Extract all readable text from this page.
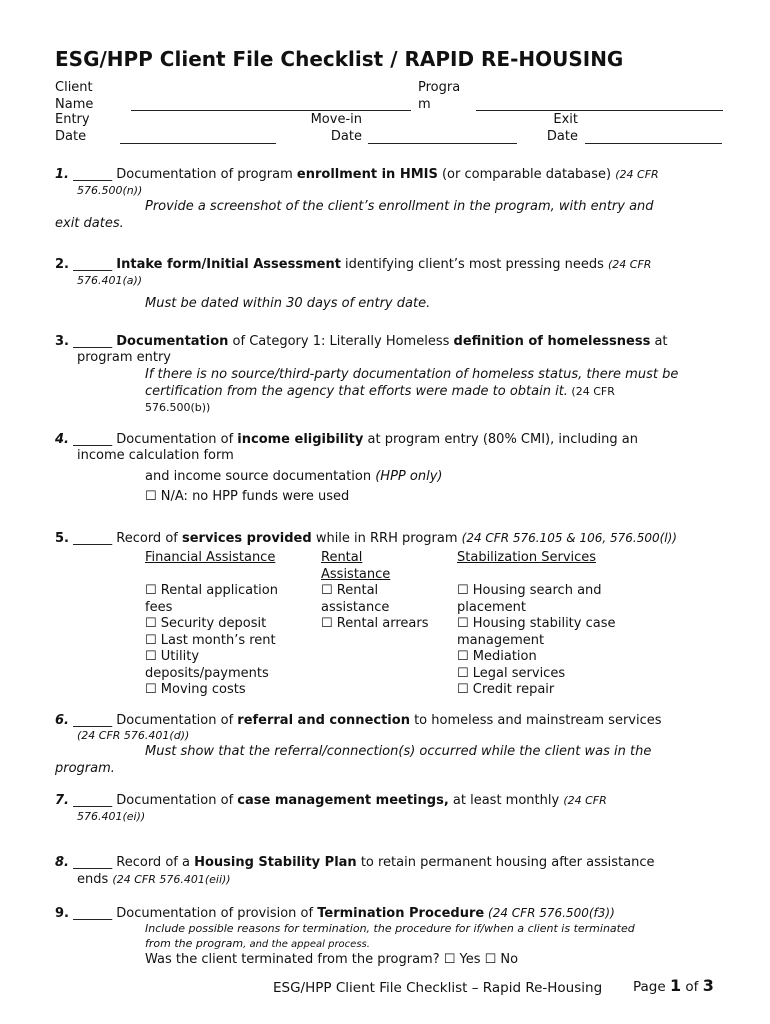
ESG/HPP Client File Checklist / RAPID RE-HOUSING
Client
Name
Progra
m
Entry
Date
Move-in
Date
Exit
Date
1. ______ Documentation of program enrollment in HMIS (or comparable database) (24 CFR
576.500(n))
Provide a screenshot of the client’s enrollment in the program, with entry and
exit dates.
2. ______ Intake form/Initial Assessment identifying client’s most pressing needs (24 CFR
576.401(a))
Must be dated within 30 days of entry date.
3. ______ Documentation of Category 1: Literally Homeless definition of homelessness at
program entry
If there is no source/third-party documentation of homeless status, there must be
certification from the agency that efforts were made to obtain it. (24 CFR
576.500(b))
4. ______ Documentation of income eligibility at program entry (80% CMI), including an
income calculation form
and income source documentation (HPP only)
☐ N/A: no HPP funds were used
5. ______ Record of services provided while in RRH program (24 CFR 576.105 & 106, 576.500(l))
Financial Assistance	Rental
Assistance
Stabilization Services
☐ Rental application
fees
☐ Security deposit
☐ Last month’s rent
☐ Utility
deposits/payments
☐ Moving costs
☐ Rental
assistance
☐ Rental arrears
☐ Housing search and
placement
☐ Housing stability case
management
☐ Mediation
☐ Legal services
☐ Credit repair
6. ______ Documentation of referral and connection to homeless and mainstream services
(24 CFR 576.401(d))
Must show that the referral/connection(s) occurred while the client was in the
program.
7. ______ Documentation of case management meetings, at least monthly (24 CFR
576.401(ei))
8. ______ Record of a Housing Stability Plan to retain permanent housing after assistance
ends (24 CFR 576.401(eii))
9. ______ Documentation of provision of Termination Procedure (24 CFR 576.500(f3))
Include possible reasons for termination, the procedure for if/when a client is terminated
from the program, and the appeal process.
Was the client terminated from the program? ☐ Yes ☐ No
ESG/HPP Client File Checklist – Rapid Re-Housing Page 1 of 3
